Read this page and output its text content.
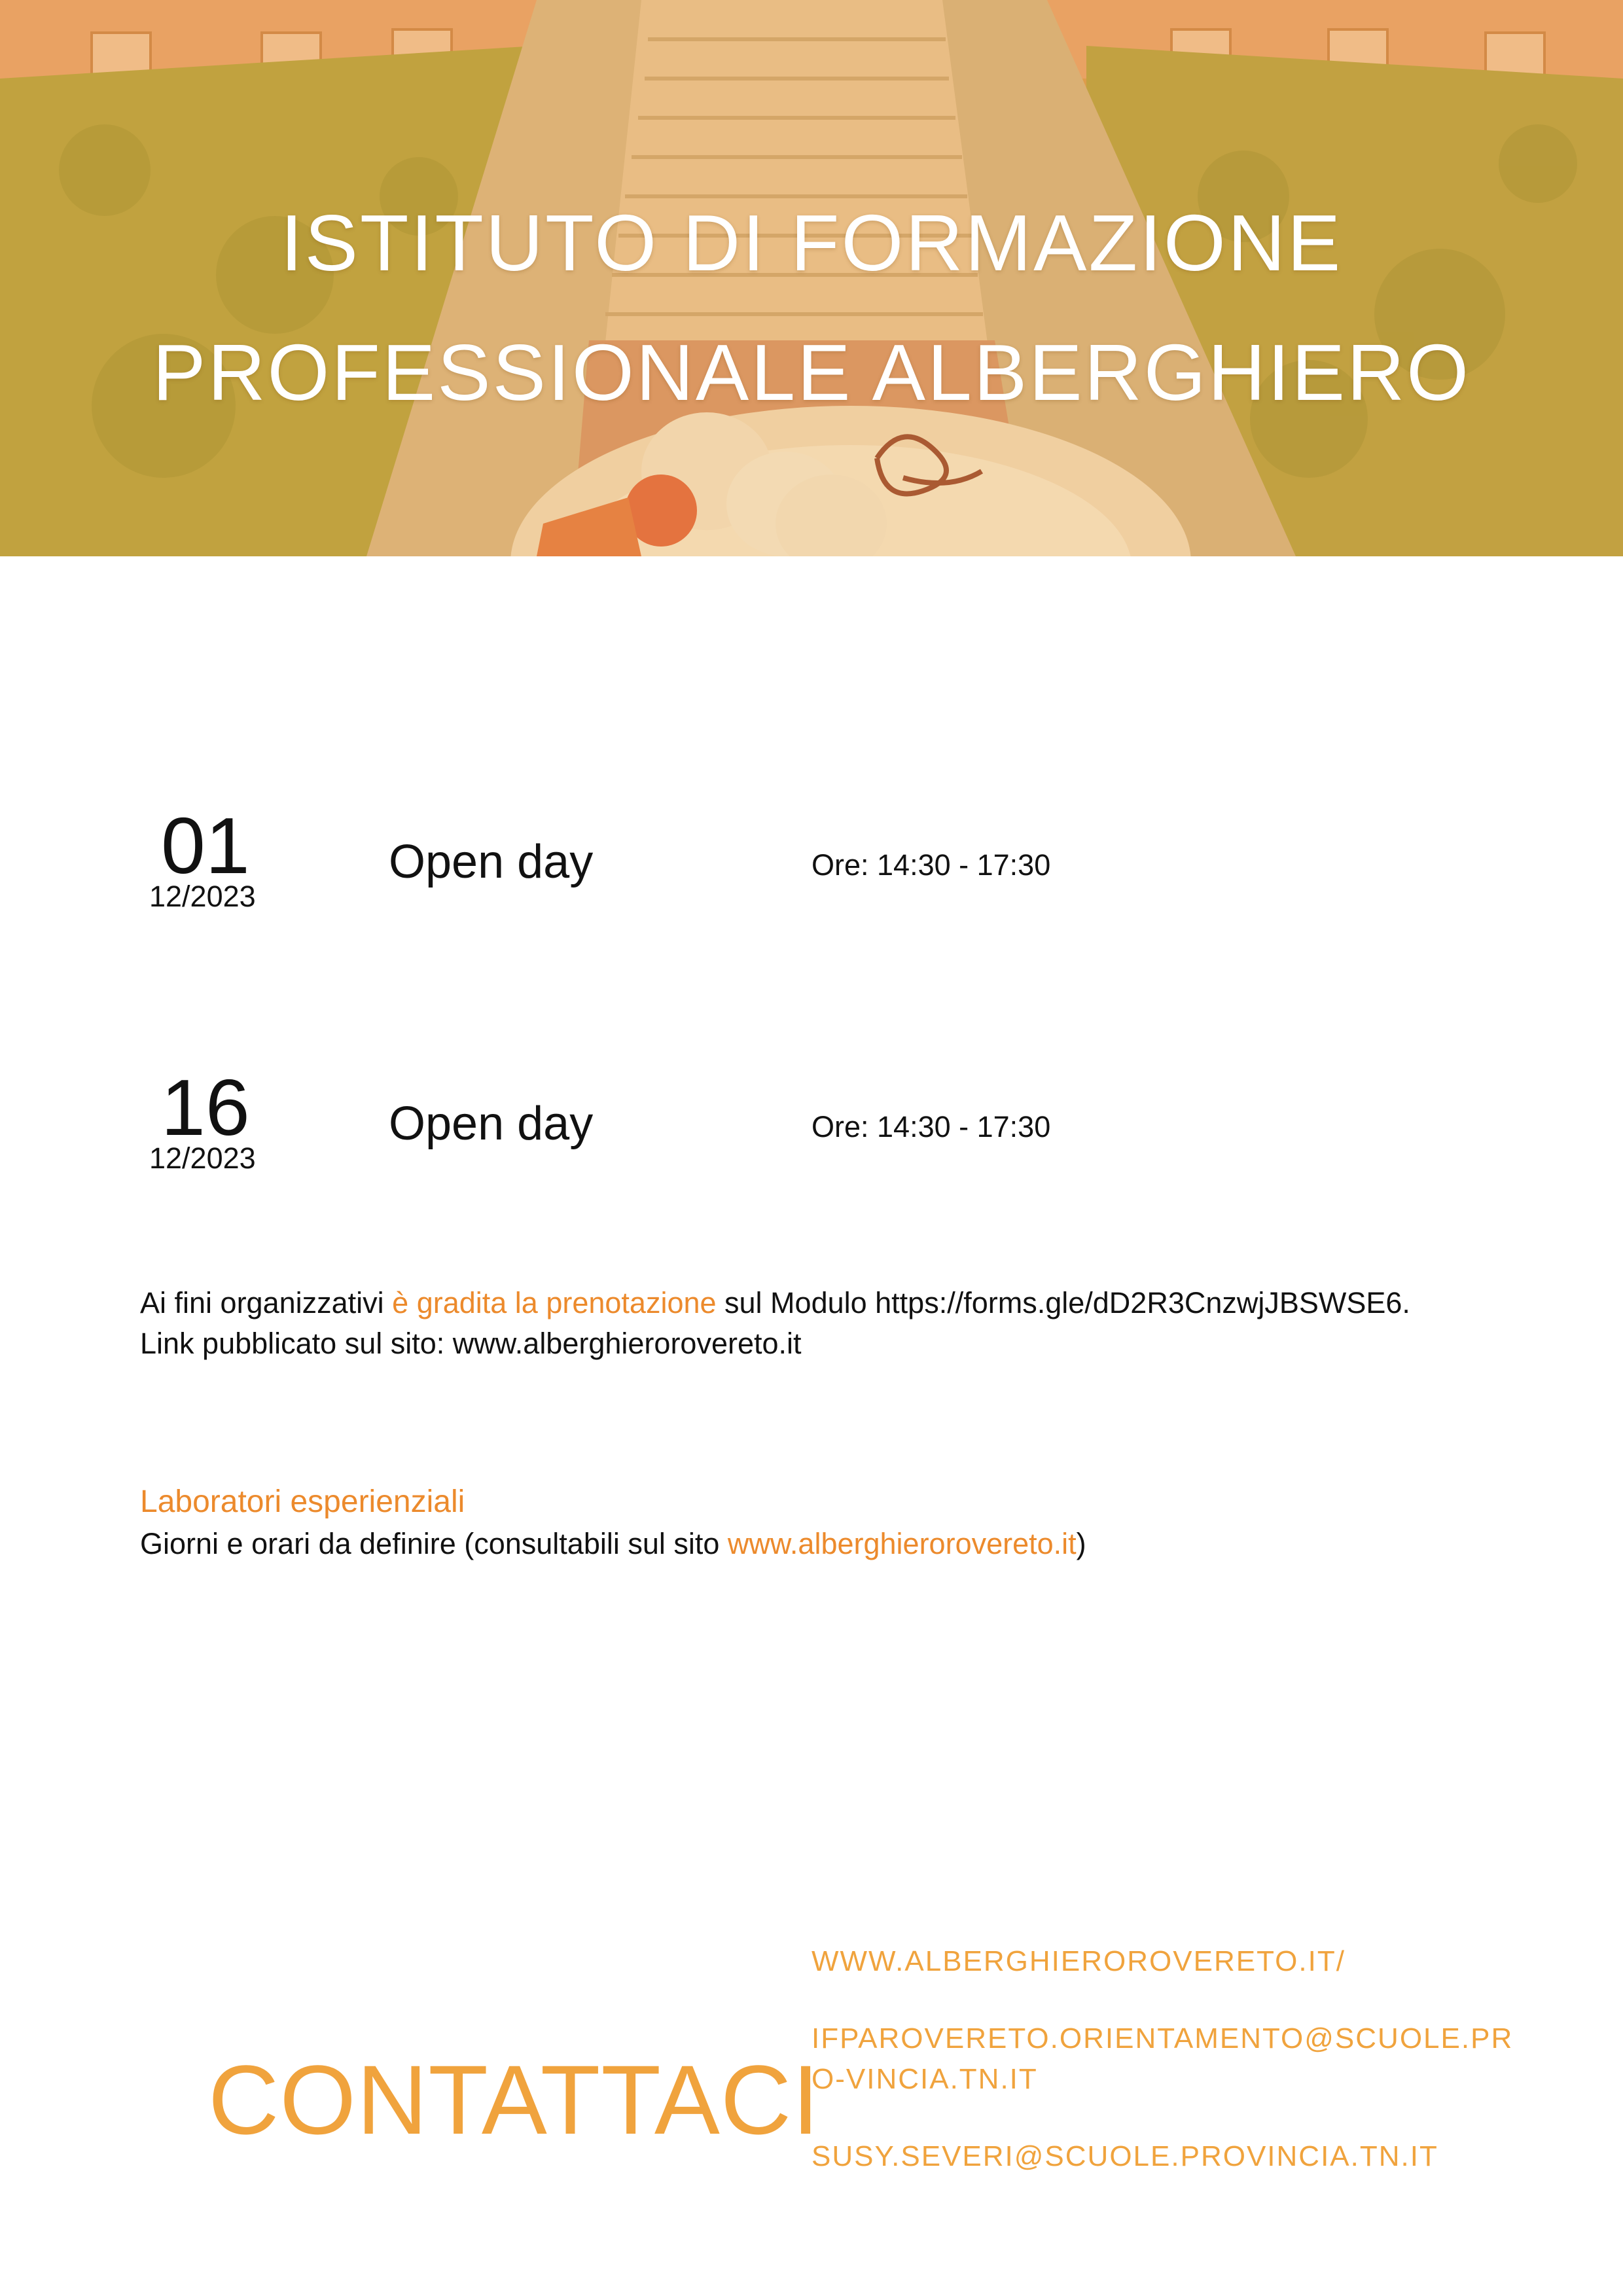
ISTITUTO DI FORMAZIONE
PROFESSIONALE ALBERGHIERO
01
12/2023
Open day	Ore: 14:30 - 17:30
16
12/2023
Open day	Ore: 14:30 - 17:30

Ai fini organizzativi è gradita la prenotazione sul Modulo https://forms.gle/dD2R3CnzwjJBSWSE6.

Link pubblicato sul sito: www.alberghierorovereto.it

Laboratori esperienziali

Giorni e orari da definire (consultabili sul sito www.alberghierorovereto.it)

CONTATTACI
WWW.ALBERGHIEROROVERETO.IT/
IFPAROVERETO.ORIENTAMENTO@SCUOLE.PRO-VINCIA.TN.IT
SUSY.SEVERI@SCUOLE.PROVINCIA.TN.IT
